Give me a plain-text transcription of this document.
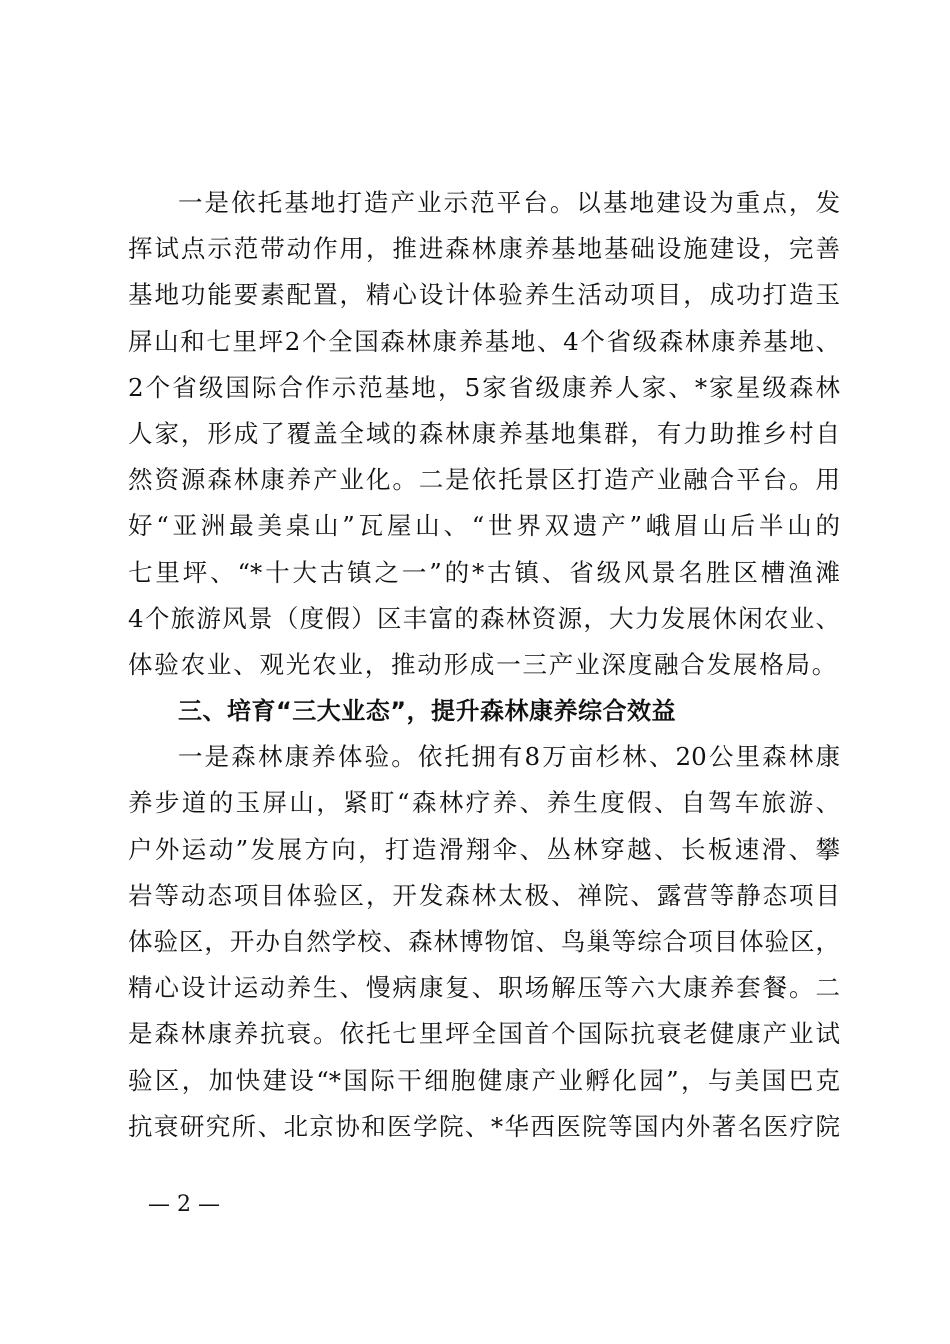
一是依托基地打造产业示范平台。以基地建设为重点，发
挥试点示范带动作用，推进森林康养基地基础设施建设，完善
基地功能要素配置，精心设计体验养生活动项目，成功打造玉
屏山和七里坪2个全国森林康养基地、4个省级森林康养基地、
2个省级国际合作示范基地，5家省级康养人家、*家星级森林
人家，形成了覆盖全域的森林康养基地集群，有力助推乡村自
然资源森林康养产业化。二是依托景区打造产业融合平台。用
好“亚洲最美桌山”瓦屋山、“世界双遗产”峨眉山后半山的
七里坪、“*十大古镇之一”的*古镇、省级风景名胜区槽渔滩
4个旅游风景（度假）区丰富的森林资源，大力发展休闲农业、
体验农业、观光农业，推动形成一三产业深度融合发展格局。
三、培育“三大业态”，提升森林康养综合效益
一是森林康养体验。依托拥有8万亩杉林、20公里森林康
养步道的玉屏山，紧盯“森林疗养、养生度假、自驾车旅游、
户外运动”发展方向，打造滑翔伞、丛林穿越、长板速滑、攀
岩等动态项目体验区，开发森林太极、禅院、露营等静态项目
体验区，开办自然学校、森林博物馆、鸟巢等综合项目体验区，
精心设计运动养生、慢病康复、职场解压等六大康养套餐。二
是森林康养抗衰。依托七里坪全国首个国际抗衰老健康产业试
验区，加快建设“*国际干细胞健康产业孵化园”，与美国巴克
抗衰研究所、北京协和医学院、*华西医院等国内外著名医疗院
— 2 —
